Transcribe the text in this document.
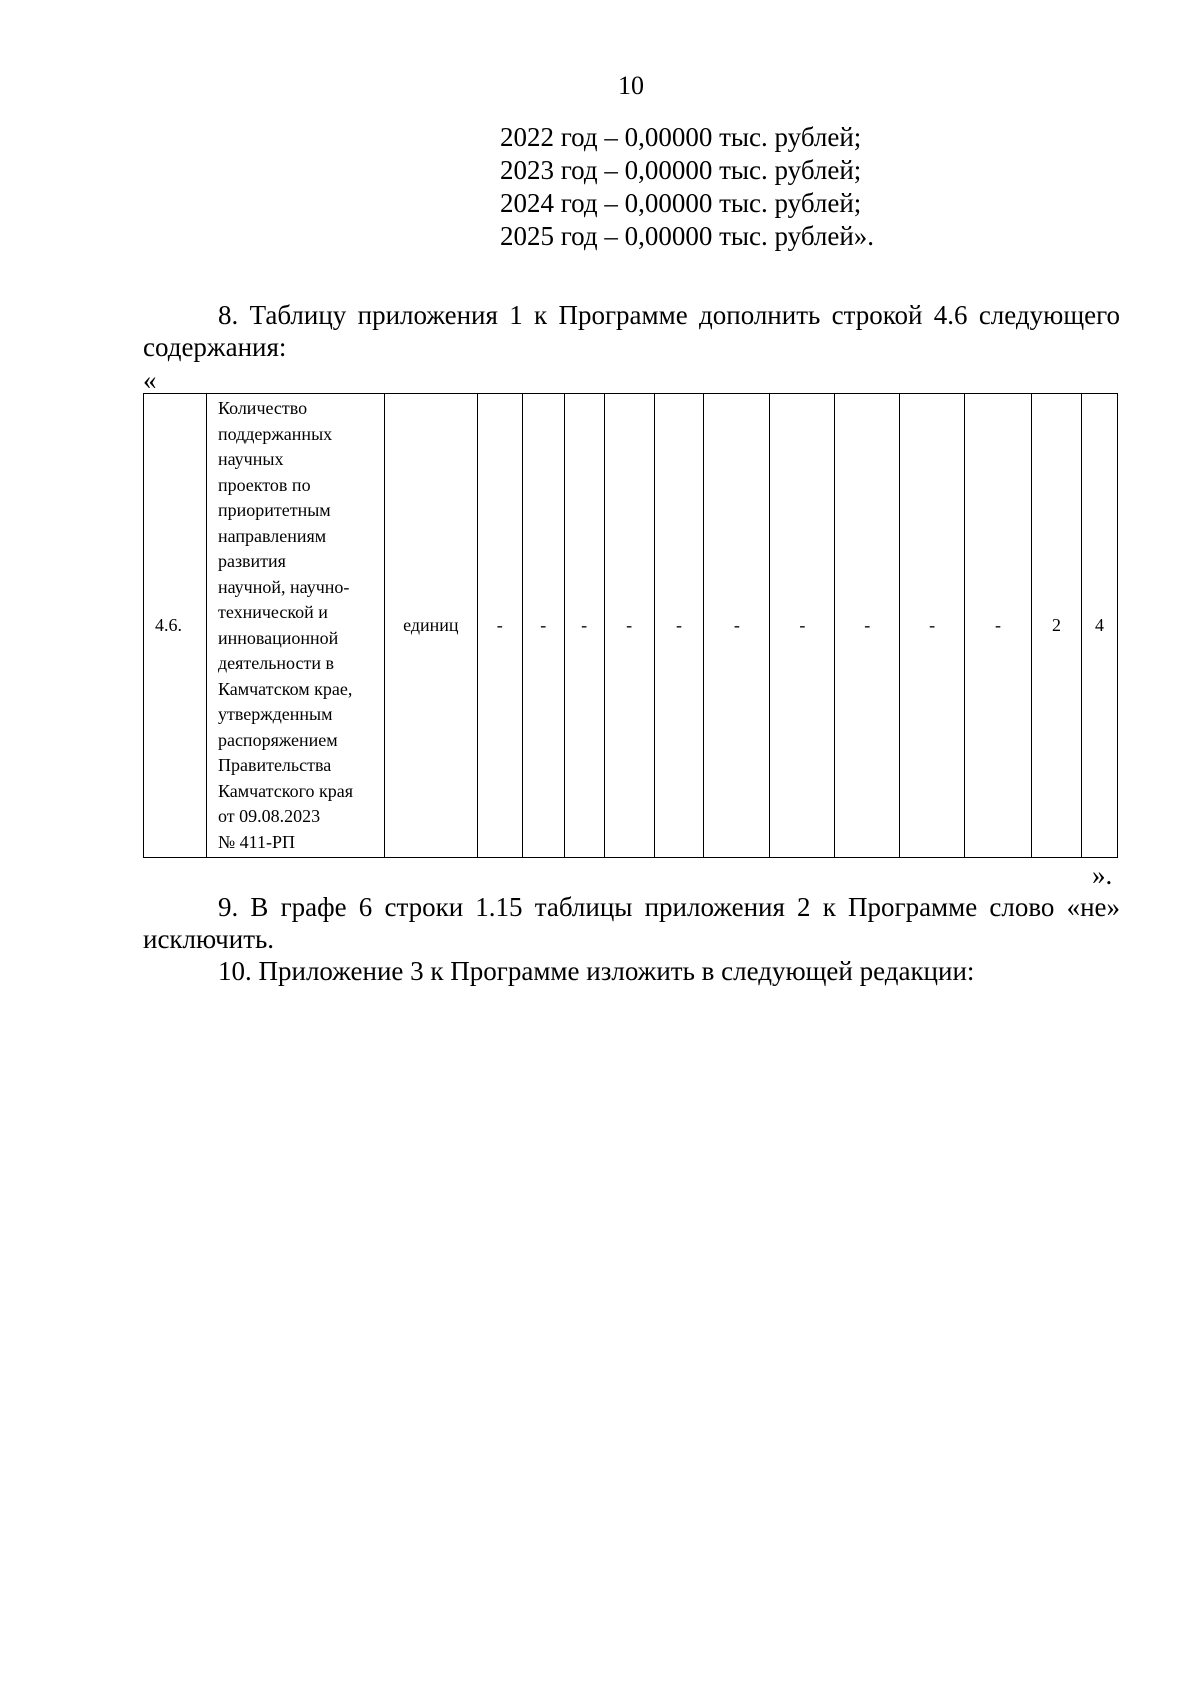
10
2022 год – 0,00000 тыс. рублей;
2023 год – 0,00000 тыс. рублей;
2024 год – 0,00000 тыс. рублей;
2025 год – 0,00000 тыс. рублей».
8. Таблицу приложения 1 к Программе дополнить строкой 4.6 следующего содержания:
«
4.6.	Количество
поддержанных
научных
проектов по
приоритетным
направлениям
развития
научной, научно-
технической и
инновационной
деятельности в
Камчатском крае,
утвержденным
распоряжением
Правительства
Камчатского края
от 09.08.2023
№ 411-РП	единиц	-	-	-	-	-	-	-	-	-	-	2	4
».
9. В графе 6 строки 1.15 таблицы приложения 2 к Программе слово «не» исключить.
10. Приложение 3 к Программе изложить в следующей редакции:
